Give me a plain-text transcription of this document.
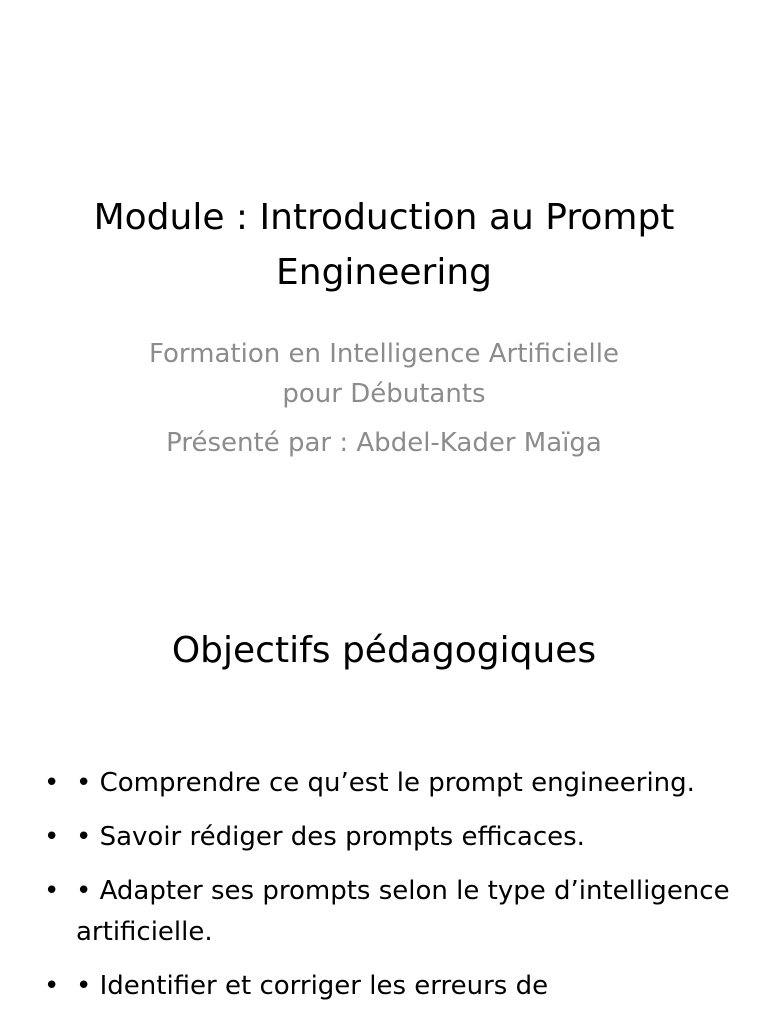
Module : Introduction au Prompt Engineering
Formation en Intelligence Artificielle
pour Débutants
Présenté par : Abdel-Kader Maïga
Objectifs pédagogiques
• • Comprendre ce qu’est le prompt engineering.
• • Savoir rédiger des prompts efficaces.
• • Adapter ses prompts selon le type d’intelligence artificielle.
• • Identifier et corriger les erreurs de
